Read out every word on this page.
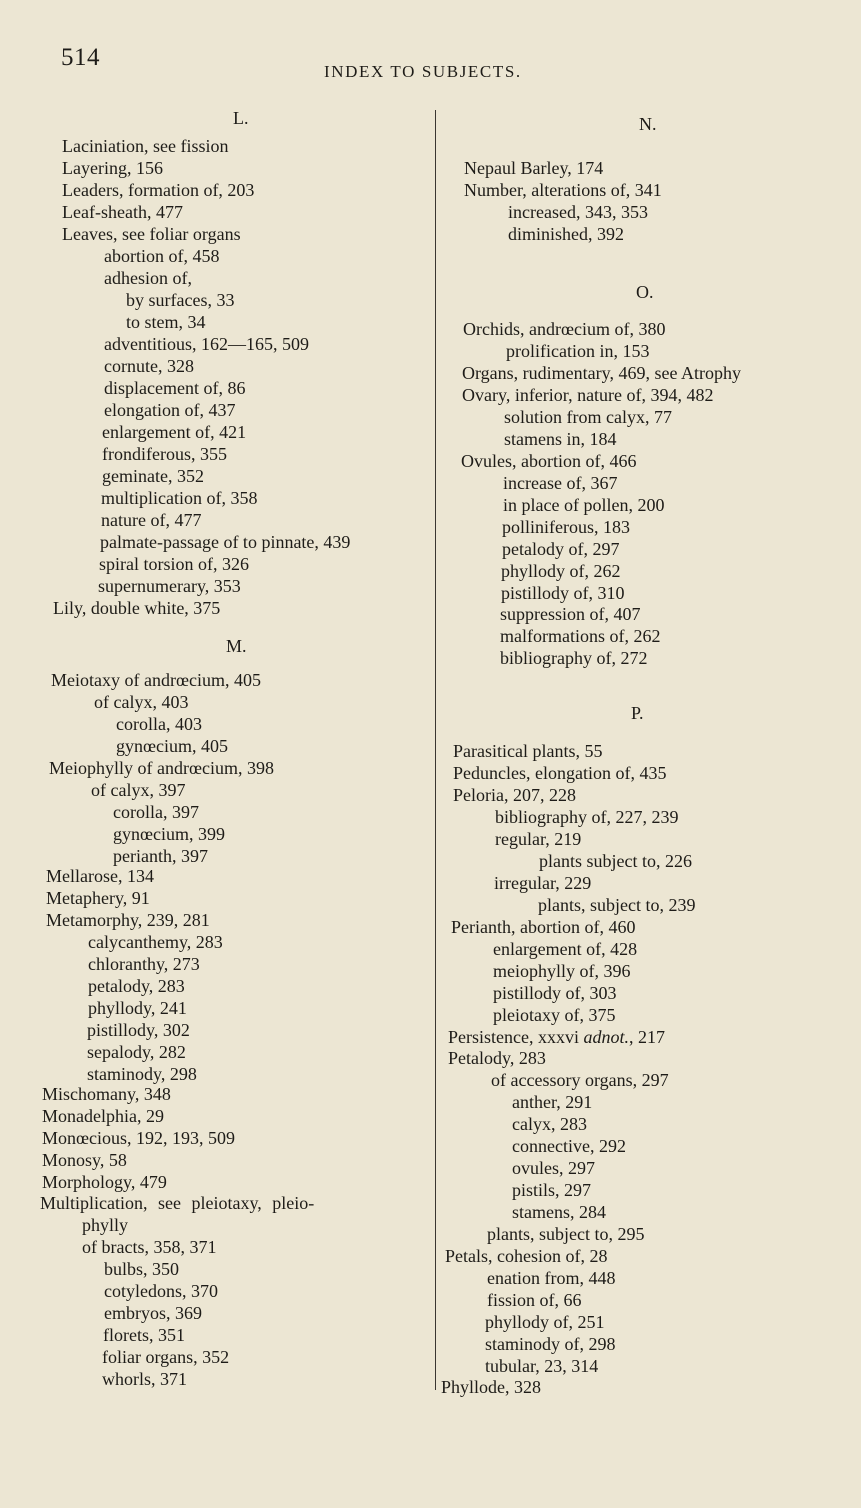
514
INDEX TO SUBJECTS.
L.
Laciniation, see fission
Layering, 156
Leaders, formation of, 203
Leaf-sheath, 477
Leaves, see foliar organs
abortion of, 458
adhesion of,
by surfaces, 33
to stem, 34
adventitious, 162—165, 509
cornute, 328
displacement of, 86
elongation of, 437
enlargement of, 421
frondiferous, 355
geminate, 352
multiplication of, 358
nature of, 477
palmate-passage of to pinnate, 439
spiral torsion of, 326
supernumerary, 353
Lily, double white, 375
M.
Meiotaxy of andrœcium, 405
of calyx, 403
corolla, 403
gynœcium, 405
Meiophylly of andrœcium, 398
of calyx, 397
corolla, 397
gynœcium, 399
perianth, 397
Mellarose, 134
Metaphery, 91
Metamorphy, 239, 281
calycanthemy, 283
chloranthy, 273
petalody, 283
phyllody, 241
pistillody, 302
sepalody, 282
staminody, 298
Mischomany, 348
Monadelphia, 29
Monœcious, 192, 193, 509
Monosy, 58
Morphology, 479
Multiplication, see pleiotaxy, pleio-
phylly
of bracts, 358, 371
bulbs, 350
cotyledons, 370
embryos, 369
florets, 351
foliar organs, 352
whorls, 371
N.
Nepaul Barley, 174
Number, alterations of, 341
increased, 343, 353
diminished, 392
O.
Orchids, andrœcium of, 380
prolification in, 153
Organs, rudimentary, 469, see Atrophy
Ovary, inferior, nature of, 394, 482
solution from calyx, 77
stamens in, 184
Ovules, abortion of, 466
increase of, 367
in place of pollen, 200
polliniferous, 183
petalody of, 297
phyllody of, 262
pistillody of, 310
suppression of, 407
malformations of, 262
bibliography of, 272
P.
Parasitical plants, 55
Peduncles, elongation of, 435
Peloria, 207, 228
bibliography of, 227, 239
regular, 219
plants subject to, 226
irregular, 229
plants, subject to, 239
Perianth, abortion of, 460
enlargement of, 428
meiophylly of, 396
pistillody of, 303
pleiotaxy of, 375
Persistence, xxxvi adnot., 217
Petalody, 283
of accessory organs, 297
anther, 291
calyx, 283
connective, 292
ovules, 297
pistils, 297
stamens, 284
plants, subject to, 295
Petals, cohesion of, 28
enation from, 448
fission of, 66
phyllody of, 251
staminody of, 298
tubular, 23, 314
Phyllode, 328
